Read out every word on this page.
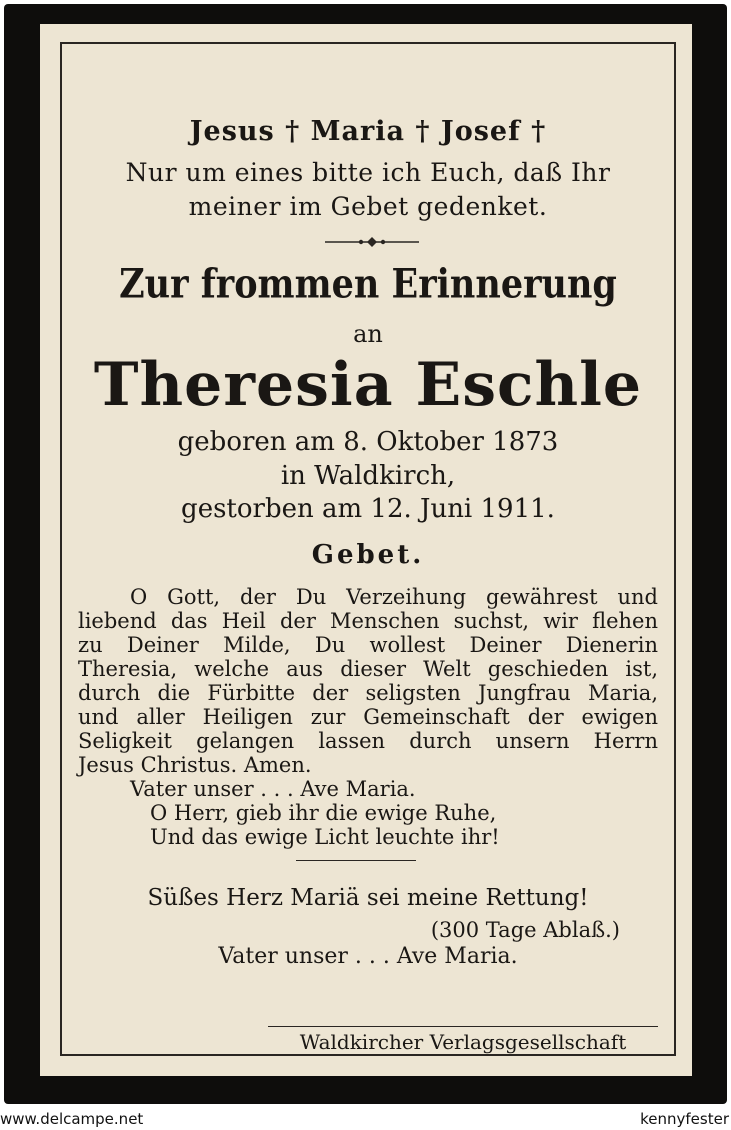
Jesus † Maria † Josef †
Nur um eines bitte ich Euch, daß Ihr
meiner im Gebet gedenket.
Zur frommen Erinnerung
an
Theresia Eschle
geboren am 8. Oktober 1873
in Waldkirch,
gestorben am 12. Juni 1911.
Gebet.
O Gott, der Du Verzeihung gewährest und
liebend das Heil der Menschen suchst, wir flehen
zu Deiner Milde, Du wollest Deiner Dienerin
Theresia, welche aus dieser Welt geschieden ist,
durch die Fürbitte der seligsten Jungfrau Maria,
und aller Heiligen zur Gemeinschaft der ewigen
Seligkeit gelangen lassen durch unsern Herrn
Jesus Christus. Amen.
Vater unser . . . Ave Maria.
O Herr, gieb ihr die ewige Ruhe,
Und das ewige Licht leuchte ihr!
Süßes Herz Mariä sei meine Rettung!
(300 Tage Ablaß.)
Vater unser . . . Ave Maria.
Waldkircher Verlagsgesellschaft
www.delcampe.net	kennyfester
